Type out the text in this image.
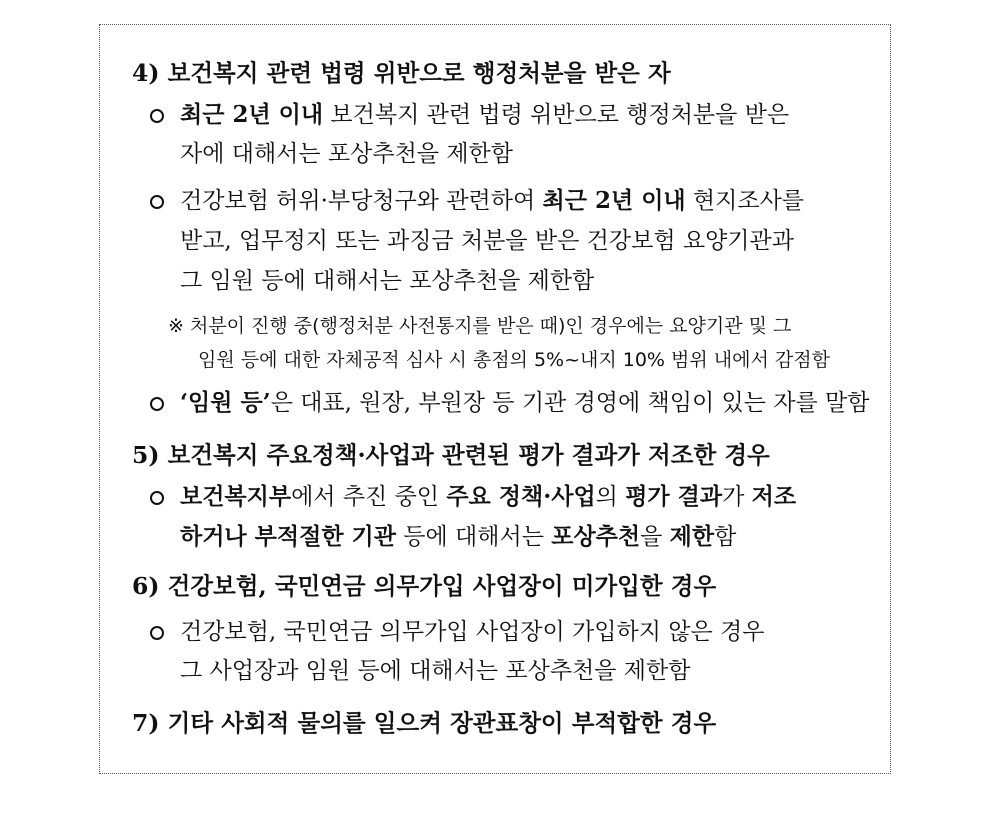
4) 보건복지 관련 법령 위반으로 행정처분을 받은 자
최근 2년 이내 보건복지 관련 법령 위반으로 행정처분을 받은
자에 대해서는 포상추천을 제한함
건강보험 허위·부당청구와 관련하여 최근 2년 이내 현지조사를
받고, 업무정지 또는 과징금 처분을 받은 건강보험 요양기관과
그 임원 등에 대해서는 포상추천을 제한함
※ 처분이 진행 중(행정처분 사전통지를 받은 때)인 경우에는 요양기관 및 그
임원 등에 대한 자체공적 심사 시 총점의 5%~내지 10% 범위 내에서 감점함
‘임원 등’은 대표, 원장, 부원장 등 기관 경영에 책임이 있는 자를 말함
5) 보건복지 주요정책·사업과 관련된 평가 결과가 저조한 경우
보건복지부에서 추진 중인 주요 정책·사업의 평가 결과가 저조
하거나 부적절한 기관 등에 대해서는 포상추천을 제한함
6) 건강보험, 국민연금 의무가입 사업장이 미가입한 경우
건강보험, 국민연금 의무가입 사업장이 가입하지 않은 경우
그 사업장과 임원 등에 대해서는 포상추천을 제한함
7) 기타 사회적 물의를 일으켜 장관표창이 부적합한 경우
